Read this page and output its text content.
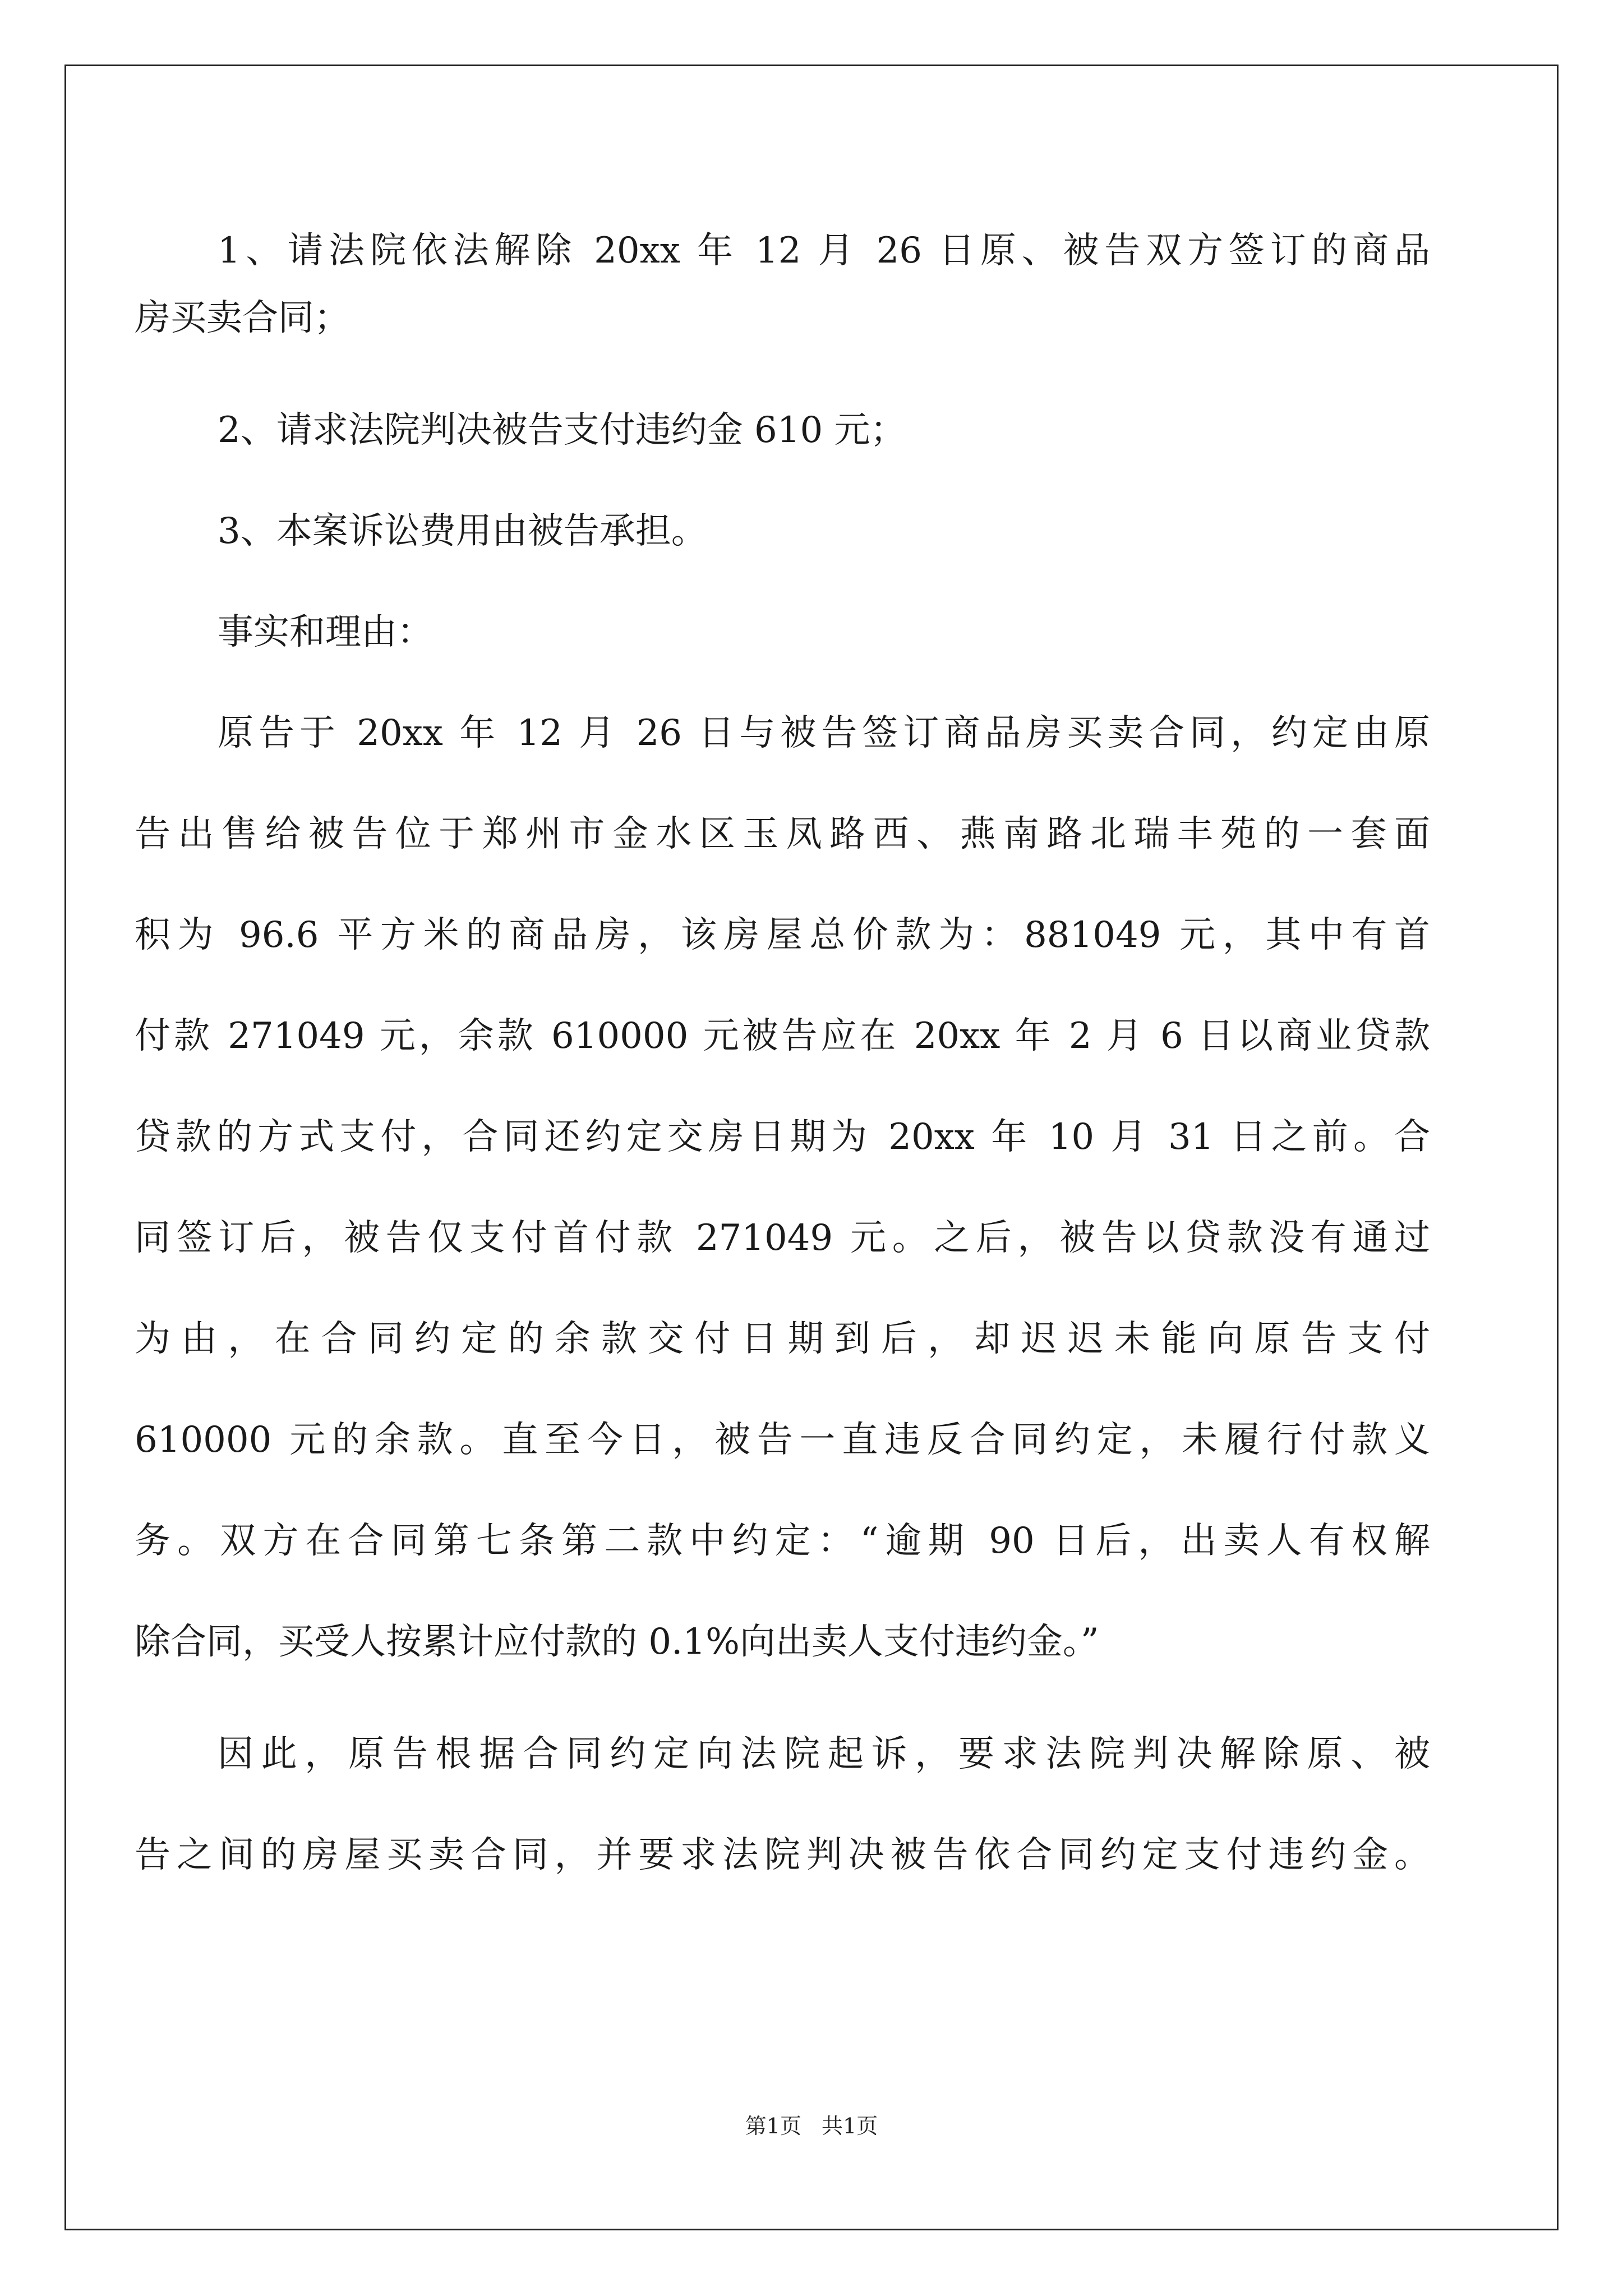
1、请法院依法解除 20xx 年 12 月 26 日原、被告双方签订的商品
房买卖合同；
2、请求法院判决被告支付违约金 610 元；
3、本案诉讼费用由被告承担。
事实和理由：
原告于 20xx 年 12 月 26 日与被告签订商品房买卖合同，约定由原
告出售给被告位于郑州市金水区玉凤路西、燕南路北瑞丰苑的一套面
积为 96.6 平方米的商品房，该房屋总价款为：881049 元，其中有首
付款 271049 元，余款 610000 元被告应在 20xx 年 2 月 6 日以商业贷款
贷款的方式支付，合同还约定交房日期为 20xx 年 10 月 31 日之前。合
同签订后，被告仅支付首付款 271049 元。之后，被告以贷款没有通过
为由，在合同约定的余款交付日期到后，却迟迟未能向原告支付
610000 元的余款。直至今日，被告一直违反合同约定，未履行付款义
务。双方在合同第七条第二款中约定：“逾期 90 日后，出卖人有权解
除合同，买受人按累计应付款的 0.1%向出卖人支付违约金。”
因此，原告根据合同约定向法院起诉，要求法院判决解除原、被
告之间的房屋买卖合同，并要求法院判决被告依合同约定支付违约金。
第1页 共1页
